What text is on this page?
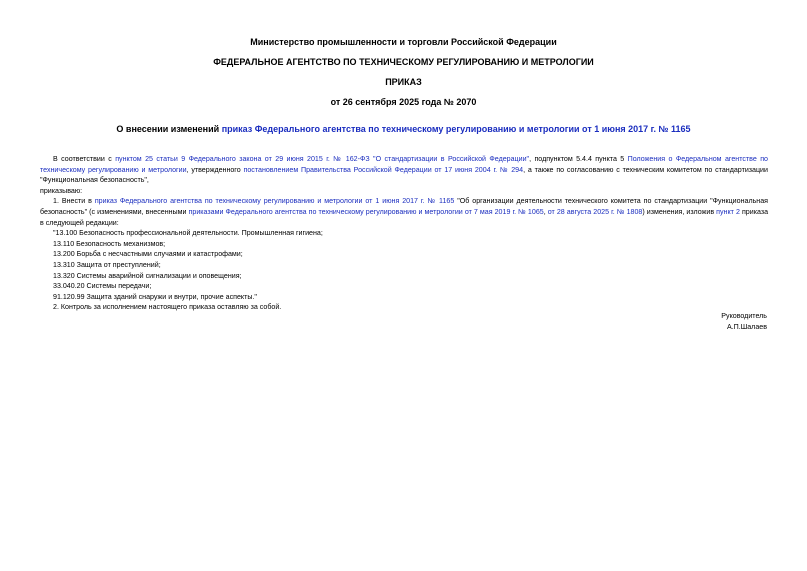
Министерство промышленности и торговли Российской Федерации
ФЕДЕРАЛЬНОЕ АГЕНТСТВО ПО ТЕХНИЧЕСКОМУ РЕГУЛИРОВАНИЮ И МЕТРОЛОГИИ
ПРИКАЗ
от 26 сентября 2025 года № 2070
О внесении изменений приказ Федерального агентства по техническому регулированию и метрологии от 1 июня 2017 г. № 1165

В соответствии с пунктом 25 статьи 9 Федерального закона от 29 июня 2015 г. № 162-ФЗ "О стандартизации в Российской Федерации", подпунктом 5.4.4 пункта 5 Положения о Федеральном агентстве по техническому регулированию и метрологии, утвержденного постановлением Правительства Российской Федерации от 17 июня 2004 г. № 294, а также по согласованию с техническим комитетом по стандартизации "Функциональная безопасность",

приказываю:

1. Внести в приказ Федерального агентства по техническому регулированию и метрологии от 1 июня 2017 г. № 1165 "Об организации деятельности технического комитета по стандартизации "Функциональная безопасность" (с изменениями, внесенными приказами Федерального агентства по техническому регулированию и метрологии от 7 мая 2019 г. № 1065, от 28 августа 2025 г. № 1808) изменения, изложив пункт 2 приказа в следующей редакции:

"13.100 Безопасность профессиональной деятельности. Промышленная гигиена;

13.110 Безопасность механизмов;

13.200 Борьба с несчастными случаями и катастрофами;

13.310 Защита от преступлений;

13.320 Системы аварийной сигнализации и оповещения;

33.040.20 Системы передачи;

91.120.99 Защита зданий снаружи и внутри, прочие аспекты."

2. Контроль за исполнением настоящего приказа оставляю за собой.

Руководитель
А.П.Шалаев
